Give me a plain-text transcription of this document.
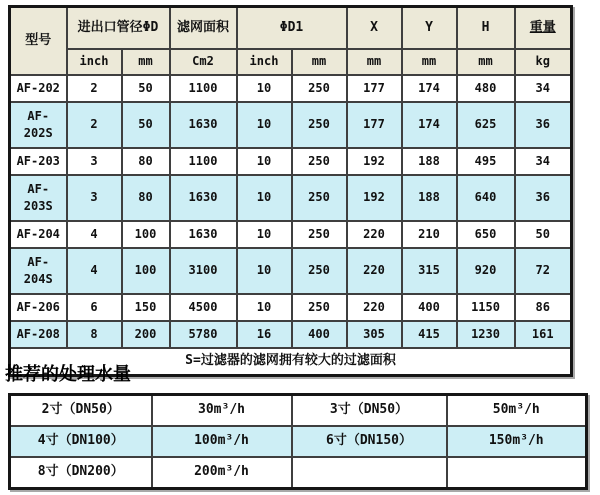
型号	进出口管径ΦD		滤网面积	ΦD1		X	Y	H	重量
	inch	mm	Cm2	inch	mm	mm	mm	mm	kg
AF-202	2	50	1100	10	250	177	174	480	34
AF-202S	2	50	1630	10	250	177	174	625	36
AF-203	3	80	1100	10	250	192	188	495	34
AF-203S	3	80	1630	10	250	192	188	640	36
AF-204	4	100	1630	10	250	220	210	650	50
AF-204S	4	100	3100	10	250	220	315	920	72
AF-206	6	150	4500	10	250	220	400	1150	86
AF-208	8	200	5780	16	400	305	415	1230	161
S=过滤器的滤网拥有较大的过滤面积									
推荐的处理水量
2寸（DN50）	30m³/h	3寸（DN50）	50m³/h
4寸（DN100）	100m³/h	6寸（DN150）	150m³/h
8寸（DN200）	200m³/h		
